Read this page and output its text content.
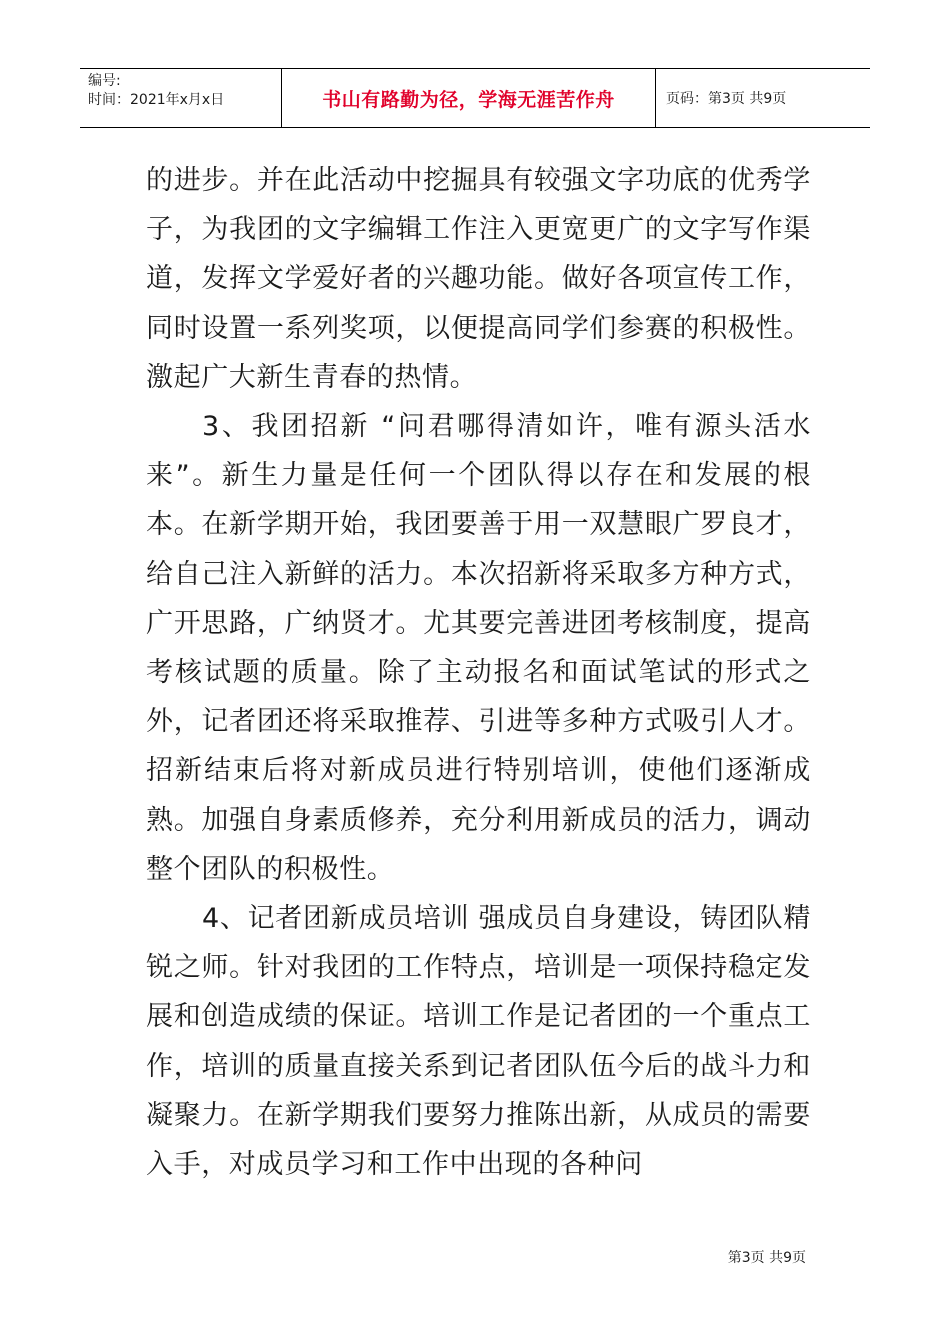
编号:
时间：2021年x月x日	书山有路勤为径，学海无涯苦作舟	页码：第3页 共9页

的进步。并在此活动中挖掘具有较强文字功底的优秀学子，为我团的文字编辑工作注入更宽更广的文字写作渠道，发挥文学爱好者的兴趣功能。做好各项宣传工作，同时设置一系列奖项，以便提高同学们参赛的积极性。激起广大新生青春的热情。

3、我团招新 “问君哪得清如许，唯有源头活水来”。新生力量是任何一个团队得以存在和发展的根本。在新学期开始，我团要善于用一双慧眼广罗良才，给自己注入新鲜的活力。本次招新将采取多方种方式，广开思路，广纳贤才。尤其要完善进团考核制度，提高考核试题的质量。除了主动报名和面试笔试的形式之外，记者团还将采取推荐、引进等多种方式吸引人才。招新结束后将对新成员进行特别培训，使他们逐渐成熟。加强自身素质修养，充分利用新成员的活力，调动整个团队的积极性。

4、记者团新成员培训 强成员自身建设，铸团队精锐之师。针对我团的工作特点，培训是一项保持稳定发展和创造成绩的保证。培训工作是记者团的一个重点工作，培训的质量直接关系到记者团队伍今后的战斗力和凝聚力。在新学期我们要努力推陈出新，从成员的需要入手，对成员学习和工作中出现的各种问

第3页 共9页
